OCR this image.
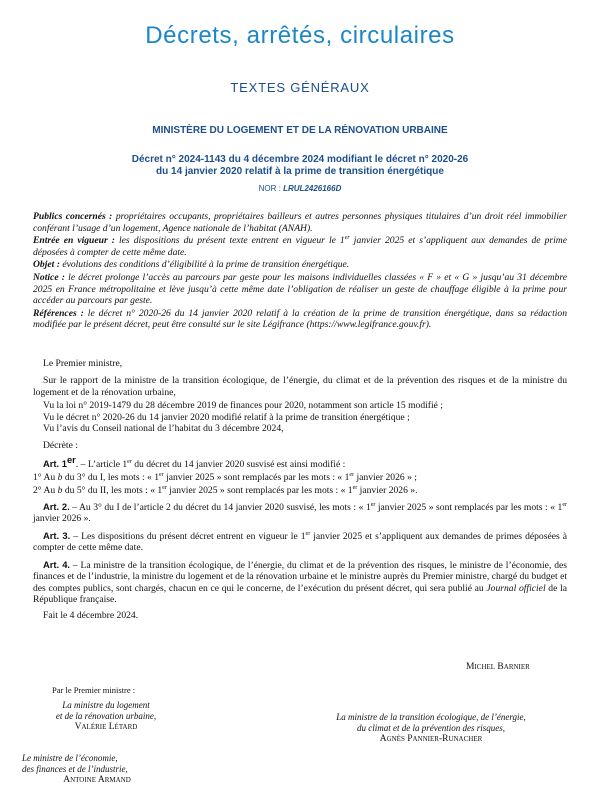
Décrets, arrêtés, circulaires
TEXTES GÉNÉRAUX
MINISTÈRE DU LOGEMENT ET DE LA RÉNOVATION URBAINE
Décret n° 2024-1143 du 4 décembre 2024 modifiant le décret n° 2020-26
du 14 janvier 2020 relatif à la prime de transition énergétique
NOR : LRUL2426166D

Publics concernés : propriétaires occupants, propriétaires bailleurs et autres personnes physiques titulaires d’un droit réel immobilier conférant l’usage d’un logement, Agence nationale de l’habitat (ANAH).

Entrée en vigueur : les dispositions du présent texte entrent en vigueur le 1er janvier 2025 et s’appliquent aux demandes de prime déposées à compter de cette même date.

Objet : évolutions des conditions d’éligibilité à la prime de transition énergétique.

Notice : le décret prolonge l’accès au parcours par geste pour les maisons individuelles classées « F » et « G » jusqu’au 31 décembre 2025 en France métropolitaine et lève jusqu’à cette même date l’obligation de réaliser un geste de chauffage éligible à la prime pour accéder au parcours par geste.

Références : le décret n° 2020-26 du 14 janvier 2020 relatif à la création de la prime de transition énergétique, dans sa rédaction modifiée par le présent décret, peut être consulté sur le site Légifrance (https://www.legifrance.gouv.fr).

Le Premier ministre,

Sur le rapport de la ministre de la transition écologique, de l’énergie, du climat et de la prévention des risques et de la ministre du logement et de la rénovation urbaine,

Vu la loi n° 2019-1479 du 28 décembre 2019 de finances pour 2020, notamment son article 15 modifié ;

Vu le décret n° 2020-26 du 14 janvier 2020 modifié relatif à la prime de transition énergétique ;

Vu l’avis du Conseil national de l’habitat du 3 décembre 2024,

Décrète :

Art. 1er. – L’article 1er du décret du 14 janvier 2020 susvisé est ainsi modifié :

1° Au b du 3° du I, les mots : « 1er janvier 2025 » sont remplacés par les mots : « 1er janvier 2026 » ;

2° Au b du 5° du II, les mots : « 1er janvier 2025 » sont remplacés par les mots : « 1er janvier 2026 ».

Art. 2. – Au 3° du I de l’article 2 du décret du 14 janvier 2020 susvisé, les mots : « 1er janvier 2025 » sont remplacés par les mots : « 1er janvier 2026 ».

Art. 3. – Les dispositions du présent décret entrent en vigueur le 1er janvier 2025 et s’appliquent aux demandes de primes déposées à compter de cette même date.

Art. 4. – La ministre de la transition écologique, de l’énergie, du climat et de la prévention des risques, le ministre de l’économie, des finances et de l’industrie, la ministre du logement et de la rénovation urbaine et le ministre auprès du Premier ministre, chargé du budget et des comptes publics, sont chargés, chacun en ce qui le concerne, de l’exécution du présent décret, qui sera publié au Journal officiel de la République française.

Fait le 4 décembre 2024.

Michel Barnier
Par le Premier ministre :
La ministre du logement
et de la rénovation urbaine,
Valérie Létard
La ministre de la transition écologique, de l’énergie,
du climat et de la prévention des risques,
Agnès Pannier-Runacher
Le ministre de l’économie,
des finances et de l’industrie,
Antoine Armand
